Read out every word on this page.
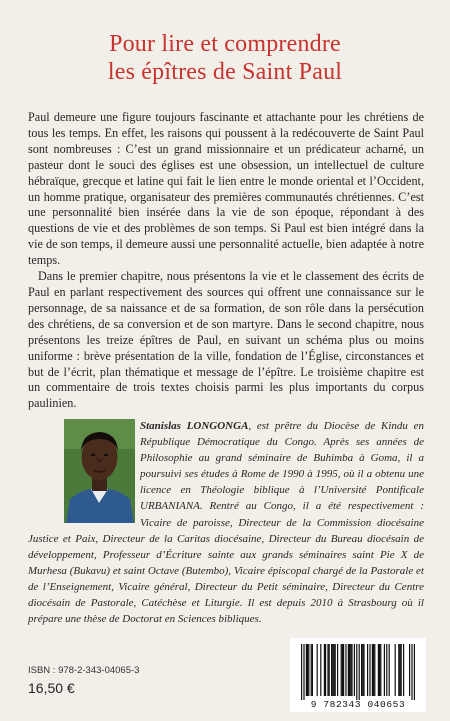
Pour lire et comprendre
les épîtres de Saint Paul

Paul demeure une figure toujours fascinante et attachante pour les chrétiens de tous les temps. En effet, les raisons qui poussent à la redécouverte de Saint Paul sont nombreuses : C’est un grand missionnaire et un prédicateur acharné, un pasteur dont le souci des églises est une obsession, un intellectuel de culture hébraïque, grecque et latine qui fait le lien entre le monde oriental et l’Occident, un homme pratique, organisateur des premières communautés chrétiennes. C’est une personnalité bien insérée dans la vie de son époque, répondant à des questions de vie et des problèmes de son temps. Si Paul est bien intégré dans la vie de son temps, il demeure aussi une personnalité actuelle, bien adaptée à notre temps.

Dans le premier chapitre, nous présentons la vie et le classement des écrits de Paul en parlant respectivement des sources qui offrent une connaissance sur le personnage, de sa naissance et de sa formation, de son rôle dans la persécution des chrétiens, de sa conversion et de son martyre. Dans le second chapitre, nous présentons les treize épîtres de Paul, en suivant un schéma plus ou moins uniforme : brève présentation de la ville, fondation de l’Église, circonstances et but de l’écrit, plan thématique et message de l’épître. Le troisième chapitre est un commentaire de trois textes choisis parmi les plus importants du corpus paulinien.

Stanislas LONGONGA, est prêtre du Diocèse de Kindu en République Démocratique du Congo. Après ses années de Philosophie au grand séminaire de Buhimba à Goma, il a poursuivi ses études à Rome de 1990 à 1995, où il a obtenu une licence en Théologie biblique à l’Université Pontificale URBANIANA. Rentré au Congo, il a été respectivement : Vicaire de paroisse, Directeur de la Commission diocésaine Justice et Paix, Directeur de la Caritas diocésaine, Directeur du Bureau diocésain de développement, Professeur d’Écriture sainte aux grands séminaires saint Pie X de Murhesa (Bukavu) et saint Octave (Butembo), Vicaire épiscopal chargé de la Pastorale et de l’Enseignement, Vicaire général, Directeur du Petit séminaire, Directeur du Centre diocésain de Pastorale, Catéchèse et Liturgie. Il est depuis 2010 à Strasbourg où il prépare une thèse de Doctorat en Sciences bibliques.
ISBN : 978-2-343-04065-3
16,50 €
9 782343 040653
